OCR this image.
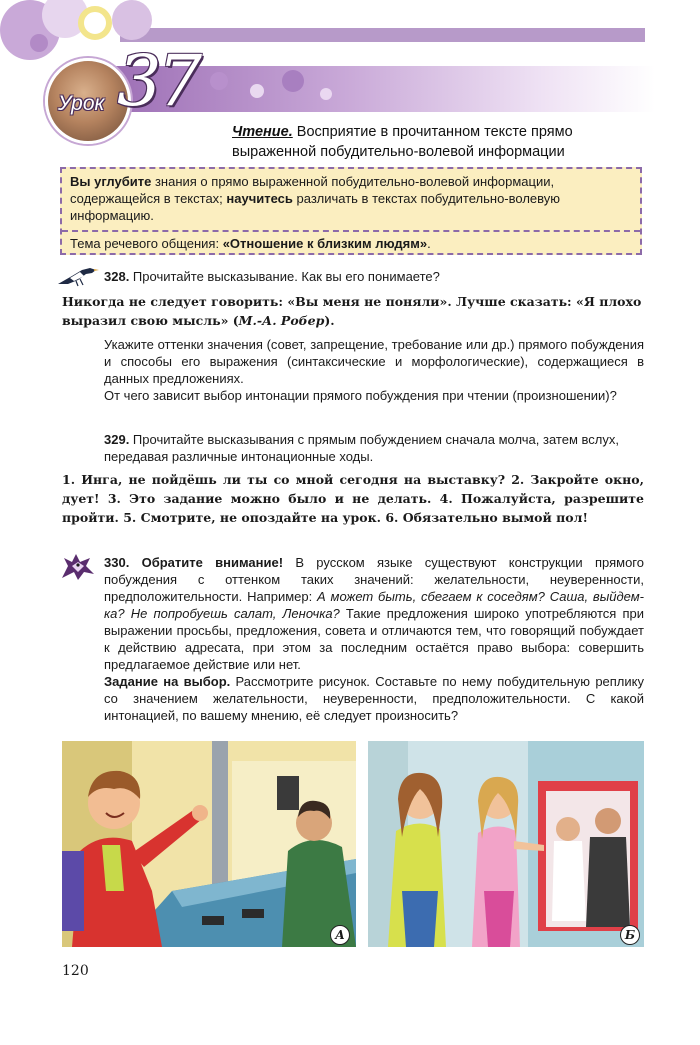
Урок 37
Чтение. Восприятие в прочитанном тексте прямо выраженной побудительно-волевой информации
Вы углубите знания о прямо выраженной побудительно-волевой информации, содержащейся в текстах; научитесь различать в текстах побудительно-волевую информацию.
Тема речевого общения: «Отношение к близким людям».
328. Прочитайте высказывание. Как вы его понимаете?
Никогда не следует говорить: «Вы меня не поняли». Лучше сказать: «Я плохо выразил свою мысль» (М.-А. Робер).
Укажите оттенки значения (совет, запрещение, требование или др.) прямого побуждения и способы его выражения (синтаксические и морфологические), содержащиеся в данных предложениях.
От чего зависит выбор интонации прямого побуждения при чтении (произношении)?
329. Прочитайте высказывания с прямым побуждением сначала молча, затем вслух, передавая различные интонационные ходы.
1. Инга, не пойдёшь ли ты со мной сегодня на выставку? 2. Закройте окно, дует! 3. Это задание можно было и не делать. 4. Пожалуйста, разрешите пройти. 5. Смотрите, не опоздайте на урок. 6. Обязательно вымой пол!
330. Обратите внимание! В русском языке существуют конструкции прямого побуждения с оттенком таких значений: желательности, неуверенности, предположительности. Например: А может быть, сбегаем к соседям? Саша, выйдем-ка? Не попробуешь салат, Леночка? Такие предложения широко употребляются при выражении просьбы, предложения, совета и отличаются тем, что говорящий побуждает к действию адресата, при этом за последним остаётся право выбора: совершить предлагаемое действие или нет.
Задание на выбор. Рассмотрите рисунок. Составьте по нему побудительную реплику со значением желательности, неуверенности, предположительности. С какой интонацией, по вашему мнению, её следует произносить?
А	Б
120
